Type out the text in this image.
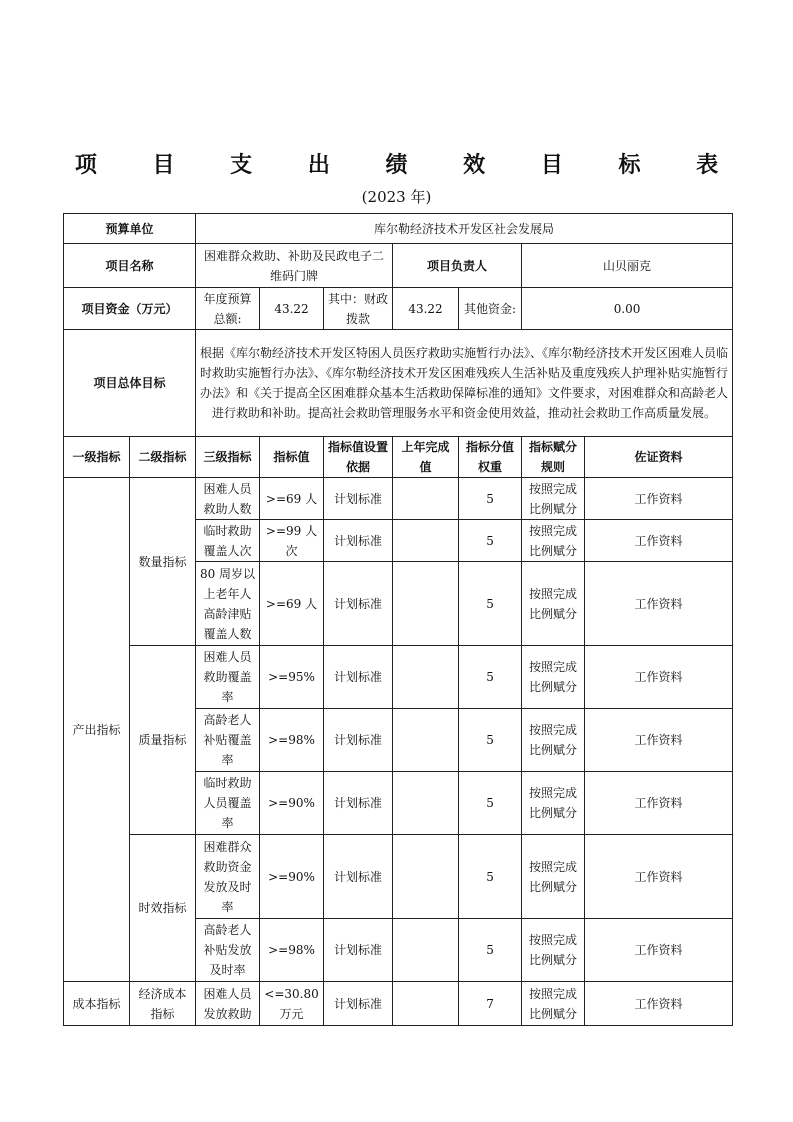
项 目 支 出 绩 效 目 标 表
(2023 年)
预算单位		库尔勒经济技术开发区社会发展局						
项目名称		困难群众救助、补助及民政电子二维码门牌			项目负责人		山贝丽克	
项目资金（万元）		年度预算总额:	43.22	其中：财政拨款	43.22	其他资金:	0.00	
项目总体目标		根据《库尔勒经济技术开发区特困人员医疗救助实施暂行办法》、《库尔勒经济技术开发区困难人员临时救助实施暂行办法》、《库尔勒经济技术开发区困难残疾人生活补贴及重度残疾人护理补贴实施暂行办法》和《关于提高全区困难群众基本生活救助保障标准的通知》文件要求，对困难群众和高龄老人进行救助和补助。提高社会救助管理服务水平和资金使用效益，推动社会救助工作高质量发展。						
一级指标	二级指标	三级指标	指标值	指标值设置依据	上年完成值	指标分值权重	指标赋分规则	佐证资料
产出指标	数量指标	困难人员救助人数	>=69 人	计划标准		5	按照完成比例赋分	工作资料
		临时救助覆盖人次	>=99 人次	计划标准		5	按照完成比例赋分	工作资料
		80 周岁以上老年人高龄津贴覆盖人数	>=69 人	计划标准		5	按照完成比例赋分	工作资料
	质量指标	困难人员救助覆盖率	>=95%	计划标准		5	按照完成比例赋分	工作资料
		高龄老人补贴覆盖率	>=98%	计划标准		5	按照完成比例赋分	工作资料
		临时救助人员覆盖率	>=90%	计划标准		5	按照完成比例赋分	工作资料
	时效指标	困难群众救助资金发放及时率	>=90%	计划标准		5	按照完成比例赋分	工作资料
		高龄老人补贴发放及时率	>=98%	计划标准		5	按照完成比例赋分	工作资料
成本指标	经济成本指标	困难人员发放救助	<=30.80 万元	计划标准		7	按照完成比例赋分	工作资料
